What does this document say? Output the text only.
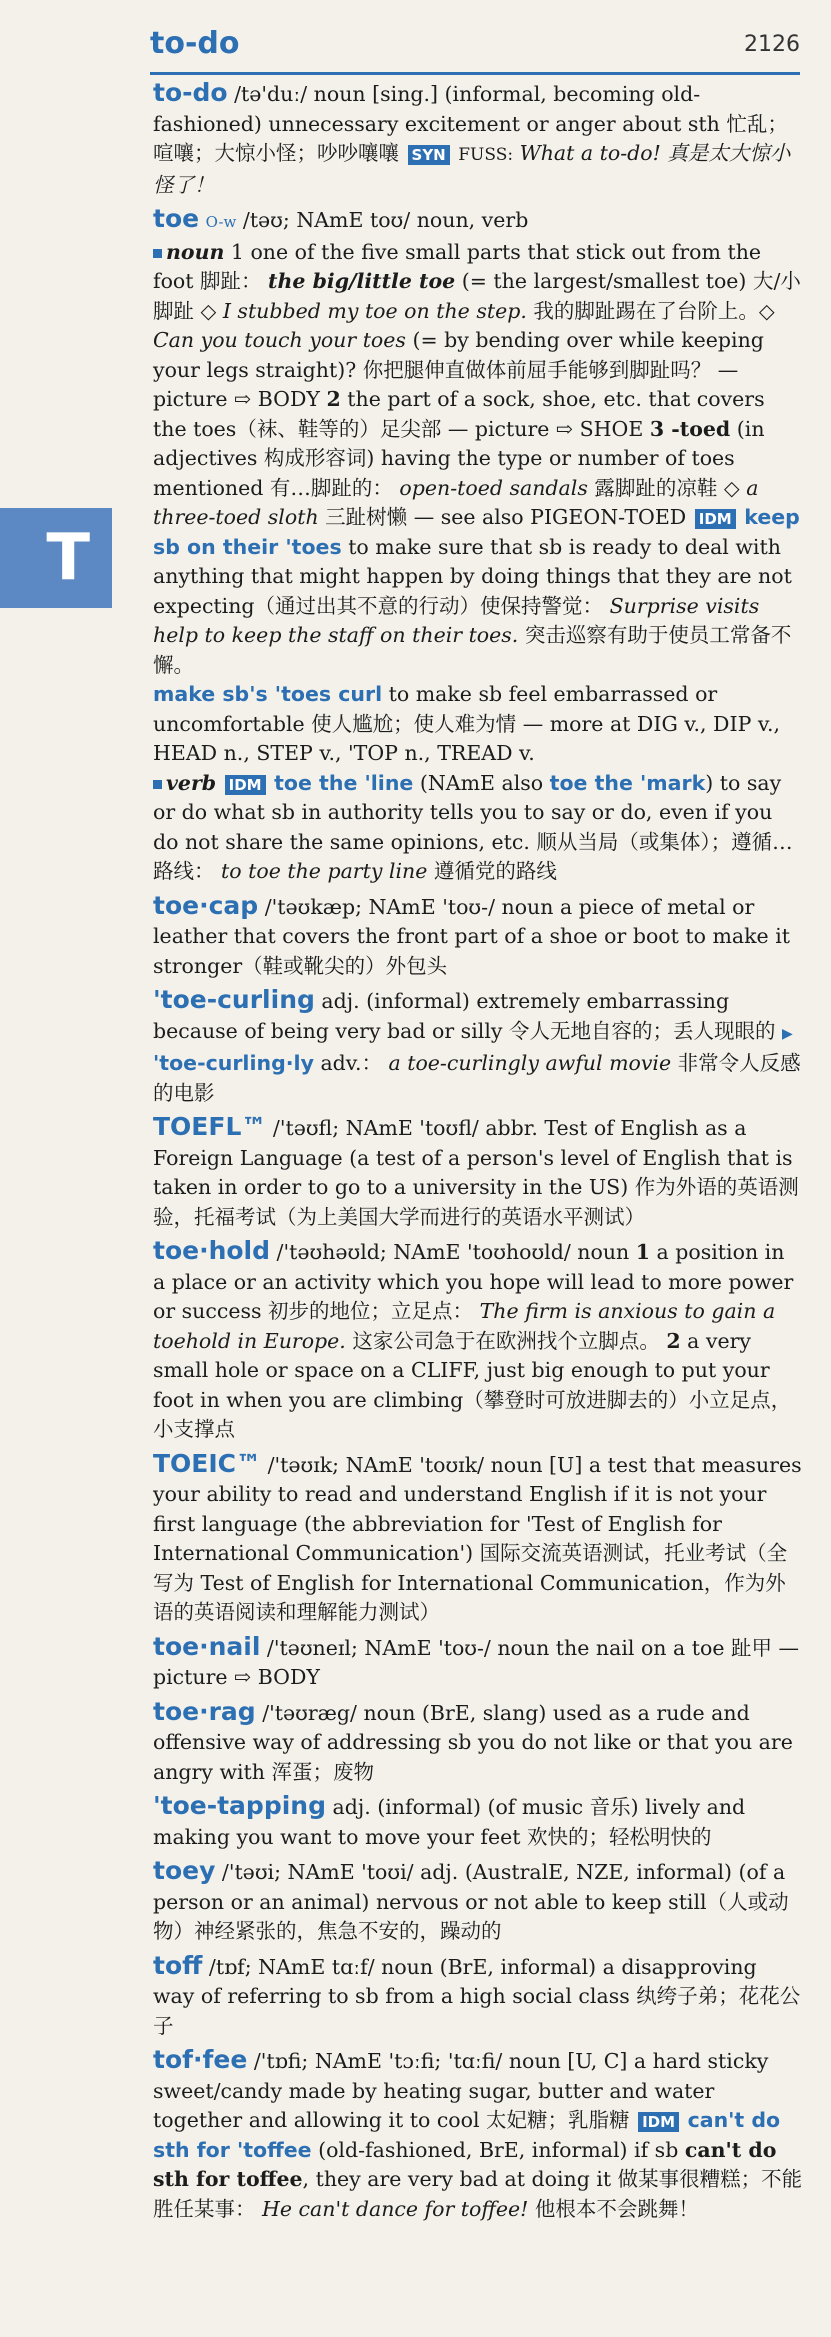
to-do	2126
T

to-do /tə'duː/ noun [sing.] (informal, becoming old-fashioned) unnecessary excitement or anger about sth 忙乱；喧嚷；大惊小怪；吵吵嚷嚷 SYN FUSS: What a to-do! 真是太大惊小怪了！

toe O-w /təʊ; NAmE toʊ/ noun, verb
noun 1 one of the five small parts that stick out from the foot 脚趾： the big/little toe (= the largest/smallest toe) 大/小脚趾 ◇ I stubbed my toe on the step. 我的脚趾踢在了台阶上。◇ Can you touch your toes (= by bending over while keeping your legs straight)? 你把腿伸直做体前屈手能够到脚趾吗？ — picture ⇨ BODY 2 the part of a sock, shoe, etc. that covers the toes（袜、鞋等的）足尖部 — picture ⇨ SHOE 3 -toed (in adjectives 构成形容词) having the type or number of toes mentioned 有…脚趾的： open-toed sandals 露脚趾的凉鞋 ◇ a three-toed sloth 三趾树懒 — see also PIGEON-TOED IDM keep sb on their 'toes to make sure that sb is ready to deal with anything that might happen by doing things that they are not expecting（通过出其不意的行动）使保持警觉： Surprise visits help to keep the staff on their toes. 突击巡察有助于使员工常备不懈。
make sb's 'toes curl to make sb feel embarrassed or uncomfortable 使人尴尬；使人难为情 — more at DIG v., DIP v., HEAD n., STEP v., 'TOP n., TREAD v.
verb IDM toe the 'line (NAmE also toe the 'mark) to say or do what sb in authority tells you to say or do, even if you do not share the same opinions, etc. 顺从当局（或集体）；遵循…路线： to toe the party line 遵循党的路线

toe·cap /'təʊkæp; NAmE 'toʊ-/ noun a piece of metal or leather that covers the front part of a shoe or boot to make it stronger（鞋或靴尖的）外包头

'toe-curling adj. (informal) extremely embarrassing because of being very bad or silly 令人无地自容的；丢人现眼的 ▶ 'toe-curling·ly adv.： a toe-curlingly awful movie 非常令人反感的电影

TOEFL™ /'təʊfl; NAmE 'toʊfl/ abbr. Test of English as a Foreign Language (a test of a person's level of English that is taken in order to go to a university in the US) 作为外语的英语测验，托福考试（为上美国大学而进行的英语水平测试）

toe·hold /'təʊhəʊld; NAmE 'toʊhoʊld/ noun 1 a position in a place or an activity which you hope will lead to more power or success 初步的地位；立足点： The firm is anxious to gain a toehold in Europe. 这家公司急于在欧洲找个立脚点。 2 a very small hole or space on a CLIFF, just big enough to put your foot in when you are climbing（攀登时可放进脚去的）小立足点，小支撑点

TOEIC™ /'təʊɪk; NAmE 'toʊɪk/ noun [U] a test that measures your ability to read and understand English if it is not your first language (the abbreviation for 'Test of English for International Communication') 国际交流英语测试，托业考试（全写为 Test of English for International Communication，作为外语的英语阅读和理解能力测试）

toe·nail /'təʊneɪl; NAmE 'toʊ-/ noun the nail on a toe 趾甲 — picture ⇨ BODY

toe·rag /'təʊræg/ noun (BrE, slang) used as a rude and offensive way of addressing sb you do not like or that you are angry with 浑蛋；废物

'toe-tapping adj. (informal) (of music 音乐) lively and making you want to move your feet 欢快的；轻松明快的

toey /'təʊi; NAmE 'toʊi/ adj. (AustralE, NZE, informal) (of a person or an animal) nervous or not able to keep still（人或动物）神经紧张的，焦急不安的，躁动的

toff /tɒf; NAmE tɑːf/ noun (BrE, informal) a disapproving way of referring to sb from a high social class 纨绔子弟；花花公子

tof·fee /'tɒfi; NAmE 'tɔːfi; 'tɑːfi/ noun [U, C] a hard sticky sweet/candy made by heating sugar, butter and water together and allowing it to cool 太妃糖；乳脂糖 IDM can't do sth for 'toffee (old-fashioned, BrE, informal) if sb can't do sth for toffee, they are very bad at doing it 做某事很糟糕；不能胜任某事： He can't dance for toffee! 他根本不会跳舞！
